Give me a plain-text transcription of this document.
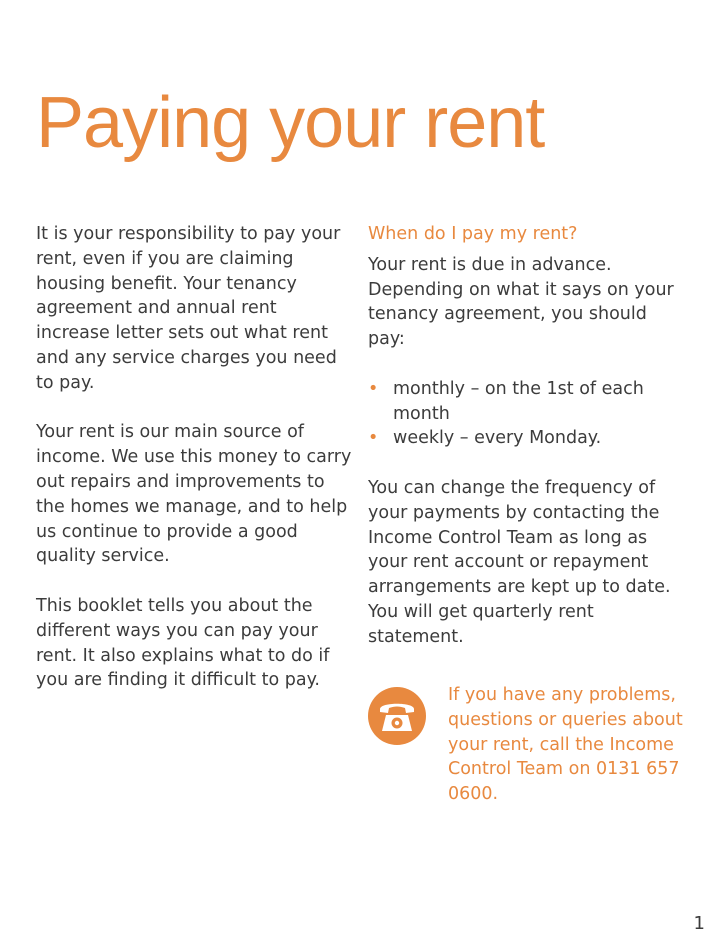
Paying your rent

It is your responsibility to pay your rent, even if you are claiming housing benefit. Your tenancy agreement and annual rent increase letter sets out what rent and any service charges you need to pay.

Your rent is our main source of income. We use this money to carry out repairs and improvements to the homes we manage, and to help us continue to provide a good quality service.

This booklet tells you about the different ways you can pay your rent. It also explains what to do if you are finding it difficult to pay.

When do I pay my rent?

Your rent is due in advance. Depending on what it says on your tenancy agreement, you should pay:

• monthly – on the 1st of each month
• weekly – every Monday.

You can change the frequency of your payments by contacting the Income Control Team as long as your rent account or repayment arrangements are kept up to date. You will get quarterly rent statement.

If you have any problems, questions or queries about your rent, call the Income Control Team on 0131 657 0600.

1
